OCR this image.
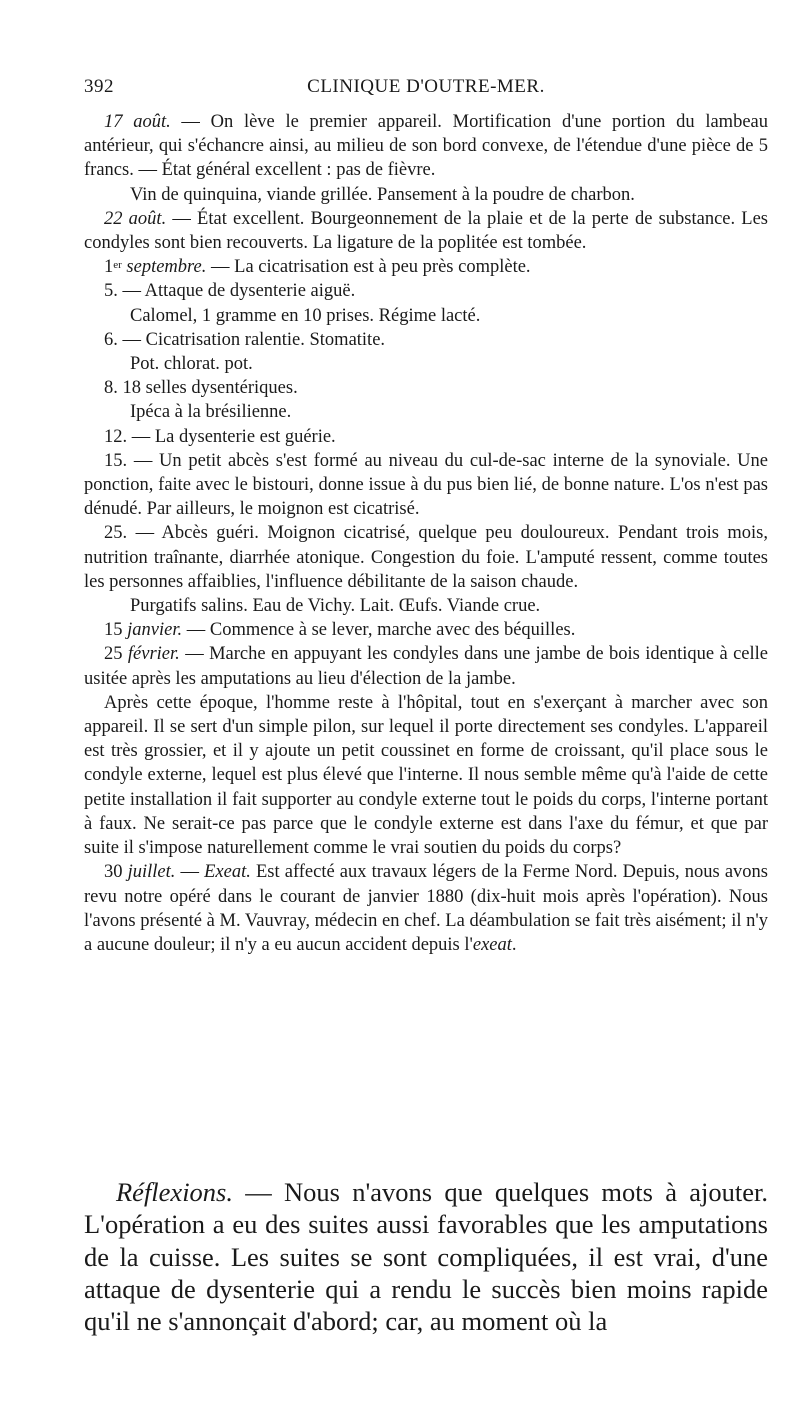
392	CLINIQUE D'OUTRE-MER.

17 août. — On lève le premier appareil. Mortification d'une portion du lambeau antérieur, qui s'échancre ainsi, au milieu de son bord convexe, de l'étendue d'une pièce de 5 francs. — État général excellent : pas de fièvre.

Vin de quinquina, viande grillée. Pansement à la poudre de charbon.

22 août. — État excellent. Bourgeonnement de la plaie et de la perte de substance. Les condyles sont bien recouverts. La ligature de la poplitée est tombée.

1er septembre. — La cicatrisation est à peu près complète.

5. — Attaque de dysenterie aiguë.

Calomel, 1 gramme en 10 prises. Régime lacté.

6. — Cicatrisation ralentie. Stomatite.

Pot. chlorat. pot.

8. 18 selles dysentériques.

Ipéca à la brésilienne.

12. — La dysenterie est guérie.

15. — Un petit abcès s'est formé au niveau du cul-de-sac interne de la synoviale. Une ponction, faite avec le bistouri, donne issue à du pus bien lié, de bonne nature. L'os n'est pas dénudé. Par ailleurs, le moignon est cicatrisé.

25. — Abcès guéri. Moignon cicatrisé, quelque peu douloureux. Pendant trois mois, nutrition traînante, diarrhée atonique. Congestion du foie. L'amputé ressent, comme toutes les personnes affaiblies, l'influence débilitante de la saison chaude.

Purgatifs salins. Eau de Vichy. Lait. Œufs. Viande crue.

15 janvier. — Commence à se lever, marche avec des béquilles.

25 février. — Marche en appuyant les condyles dans une jambe de bois identique à celle usitée après les amputations au lieu d'élection de la jambe.

Après cette époque, l'homme reste à l'hôpital, tout en s'exerçant à marcher avec son appareil. Il se sert d'un simple pilon, sur lequel il porte directement ses condyles. L'appareil est très grossier, et il y ajoute un petit coussinet en forme de croissant, qu'il place sous le condyle externe, lequel est plus élevé que l'interne. Il nous semble même qu'à l'aide de cette petite installation il fait supporter au condyle externe tout le poids du corps, l'interne portant à faux. Ne serait-ce pas parce que le condyle externe est dans l'axe du fémur, et que par suite il s'impose naturellement comme le vrai soutien du poids du corps?

30 juillet. — Exeat. Est affecté aux travaux légers de la Ferme Nord. Depuis, nous avons revu notre opéré dans le courant de janvier 1880 (dix-huit mois après l'opération). Nous l'avons présenté à M. Vauvray, médecin en chef. La déambulation se fait très aisément; il n'y a aucune douleur; il n'y a eu aucun accident depuis l'exeat.

Réflexions. — Nous n'avons que quelques mots à ajouter. L'opération a eu des suites aussi favorables que les amputations de la cuisse. Les suites se sont compliquées, il est vrai, d'une attaque de dysenterie qui a rendu le succès bien moins rapide qu'il ne s'annonçait d'abord; car, au moment où la
